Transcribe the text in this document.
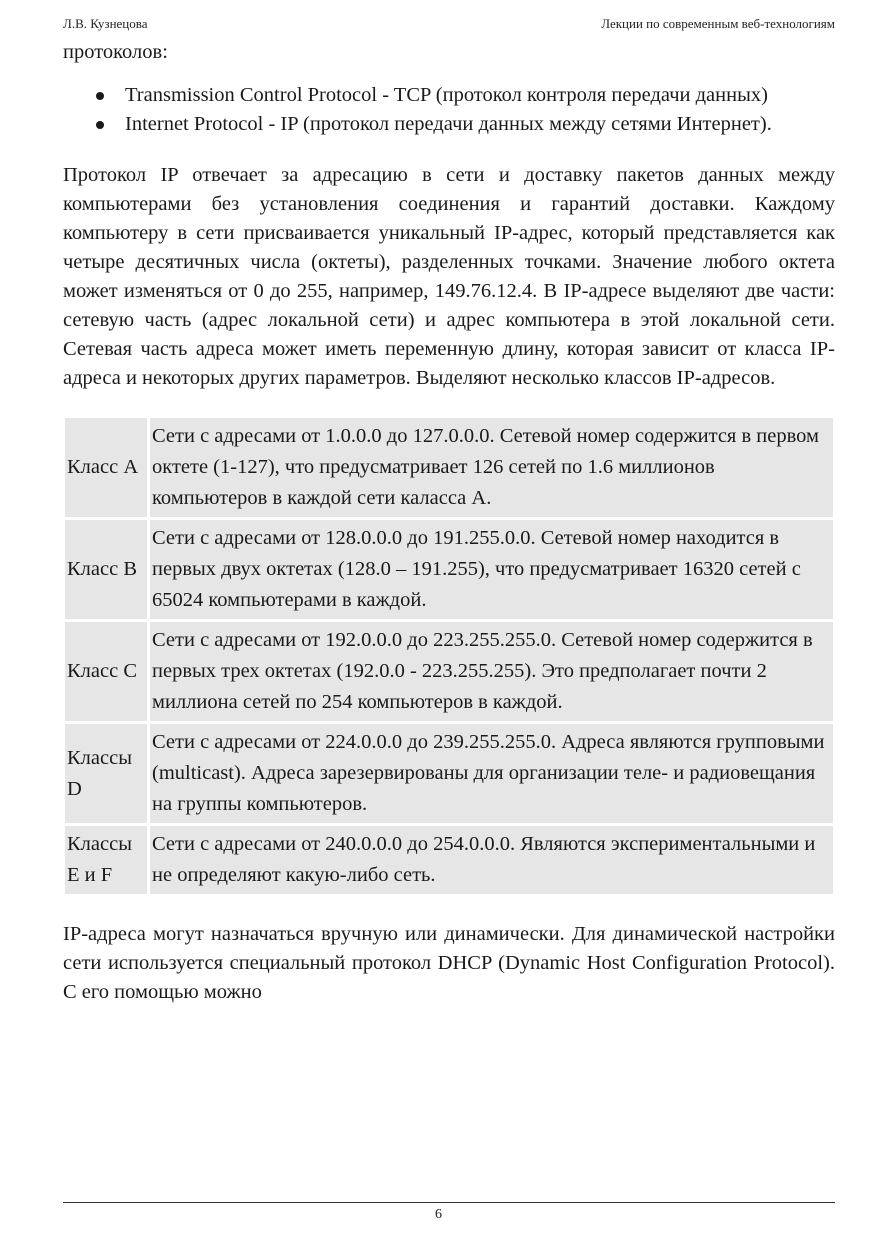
Л.В. Кузнецова	Лекции по современным веб-технологиям

протоколов:

Transmission Control Protocol - TCP (протокол контроля передачи данных)
Internet Protocol - IP (протокол передачи данных между сетями Интернет).

Протокол IP отвечает за адресацию в сети и доставку пакетов данных между компьютерами без установления соединения и гарантий доставки. Каждому компьютеру в сети присваивается уникальный IP-адрес, который представляется как четыре десятичных числа (октеты), разделенных точками. Значение любого октета может изменяться от 0 до 255, например, 149.76.12.4. В IP-адресе выделяют две части: сетевую часть (адрес локальной сети) и адрес компьютера в этой локальной сети. Сетевая часть адреса может иметь переменную длину, которая зависит от класса IP-адреса и некоторых других параметров. Выделяют несколько классов IP-адресов.

Класс A	Сети с адресами от 1.0.0.0 до 127.0.0.0. Сетевой номер содержится в первом октете (1-127), что предусматривает 126 сетей по 1.6 миллионов компьютеров в каждой сети каласса А.
Класс B	Сети с адресами от 128.0.0.0 до 191.255.0.0. Сетевой номер находится в первых двух октетах (128.0 – 191.255), что предусматривает 16320 сетей с 65024 компьютерами в каждой.
Класс C	Сети с адресами от 192.0.0.0 до 223.255.255.0. Сетевой номер содержится в первых трех октетах (192.0.0 - 223.255.255). Это предполагает почти 2 миллиона сетей по 254 компьютеров в каждой.
Классы D	Сети с адресами от 224.0.0.0 до 239.255.255.0. Адреса являются групповыми (multicast). Адреса зарезервированы для организации теле- и радиовещания на группы компьютеров.
Классы E и F	Сети с адресами от 240.0.0.0 до 254.0.0.0. Являются экспериментальными и не определяют какую-либо сеть.

IP-адреса могут назначаться вручную или динамически. Для динамической настройки сети используется специальный протокол DHCP (Dynamic Host Configuration Protocol). С его помощью можно

6
